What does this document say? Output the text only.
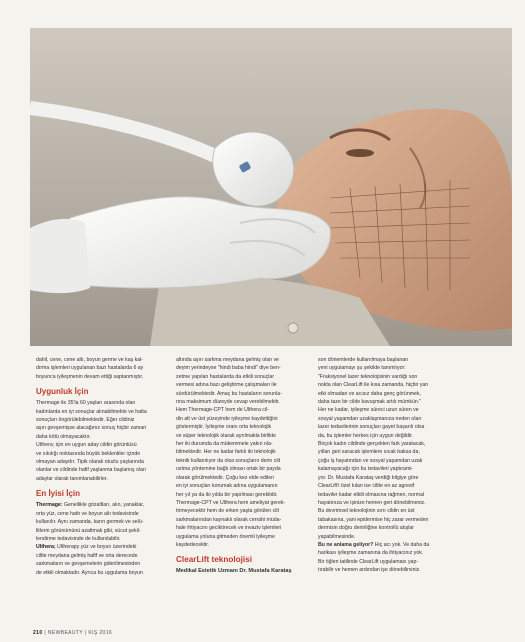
dahil, cene, cene altı, boyun germe ve kaş kal-
dırma işlemleri uygulanan bazı hastalarda 6 ay
boyunca iyileşmenin devam ettiği saptanmıştır.
Uygunluk İçin
Thermage ile 35'la 60 yaşları arasında olan
kadınlarda en iyi sonuçlar alınabilmekte ve hatta
sonuçları öngörülebilmektedir. Eğer cildiniz
aşırı gevşemişse alacağınız sonuç hiçbir zaman
daha kötü olmayacaktır.
Ulthera; için en uygun aday cildin görüntüsü
ve sıkılığı noktasında büyük beklentiler içinde
olmayan adaydır. Tipik olarak otuzlu yaşlarında
olanlar ve cildinde hafif yaşlanma başlamış olan
adaylar olarak tanımlanabilirler.
En İyisi İçin
Thermage: Genellikle gözaltları, alın, yanaklar,
orta yüz, cene hattı ve boyun altı tedavisinde
kullanılır. Aynı zamanda, karın germek ve selü-
litlerin görünümünü azaltmak gibi, vücut şekil-
lendirme tedavisinde de kullanılabilir.
Ulthera; Ultherapy yüz ve boyun üzerindeki
ciltte meydana gelmiş hafif ve orta derecede
sarkmaların ve gevşemelerin giderilmesinden
de etkili olmaktadır. Ayrıca bu uygulama boyun
altında aşırı sarkma meydana gelmiş olan ve
deyim yerindeyse "hindi baba hindi" diye ben-
zetme yapılan hastalarda da etkili sonuçlar
vermesi adına bazı geliştirme çalışmaları ile
sürdürülmektedir. Amaç bu hastaların sorunla-
rına maksimum düzeyde cevap verebilmektir.
Hem Thermage-CPT hem de Ulthera cil-
din alt ve üst yüzeyinde iyileşme kaydettiğini
göstermiştir. İyileşme oranı orta teknolojik
ve süper teknolojik olarak ayrılmakla birlikte
her iki durumda da mükemmele yakın ola-
bilmektedir. Her ne kadar farklı iki teknolojik
teknik kullanılıyor da olsa sonuçların derin cilt
ısıtma yöntemine bağlı olması ortak bir payda
olarak görülmektedir. Çoğu kez elde edilen
en iyi sonuçları korumak adına uygulamanın
her yıl ya da iki yılda bir yapılması gereklidir.
Thermage-CPT ve Ulthera hem ameliyat gerek-
tirmeyecektir hem de erken yaşta görülen cilt
sarkmalarından kaynaklı olarak cerrahi müda-
hale ihtiyacını geciktirecek ve invaziv işlemleri
uygulama yoluna gitmeden önemli iyileşme
kaydedecektir.
ClearLift teknolojisi
Medikal Estetik Uzmanı Dr. Mustafa Karataş
son dönemlerde kullanılmaya başlanan
yeni uygulamayı şu şekilde tanımlıyor:
"Fraksiyonel lazer teknolojisinin vardığı son
nokta olan ClearLift ile kısa zamanda, hiçbir yan
etki olmadan ve acısız daha genç görünmek,
daha taze bir cilde kavuşmak artık mümkün."
Her ne kadar, iyileşme süreci uzun süren ve
sosyal yaşamdan uzaklaşmanıza neden olan
lazer tedavilerinin sonuçları gayet başarılı olsa
da, bu işlemler herkes için uygun değildir.
Birçok kadın cildinde gerçekten fark yaratacak,
yılları geri saracak işlemlere sıcak baksa da,
çoğu iş hayatından ve sosyal yaşamdan uzak
kalamayacağı için bu tedavileri yaptırami-
yor. Dr. Mustafa Karataş verdiği bilgiye göre
ClearLift'i özel kılan ise ciltte en az agresif
tedaviler kadar etkili olmasına rağmen, normal
hayatınıza ve işinize hemen geri dönebilmeniz.
Bu devrimsel teknolojinin sırrı cildin en üst
tabakasına, yani epidermise hiç zarar vermeden
dermisin doğru derinliğine kontrollü atışlar
yapabilmesinde.
Bu ne anlama geliyor? Hiç acı yok. Ve daha da
harikası iyileşme zamanına da ihtiyacınız yok.
Bir öğlen tatilinde ClearLift uygulaması yap-
tırabilir ve hemen ardından işe dönebilirsiniz.
210 | NEWBEAUTY | KIŞ 2016
